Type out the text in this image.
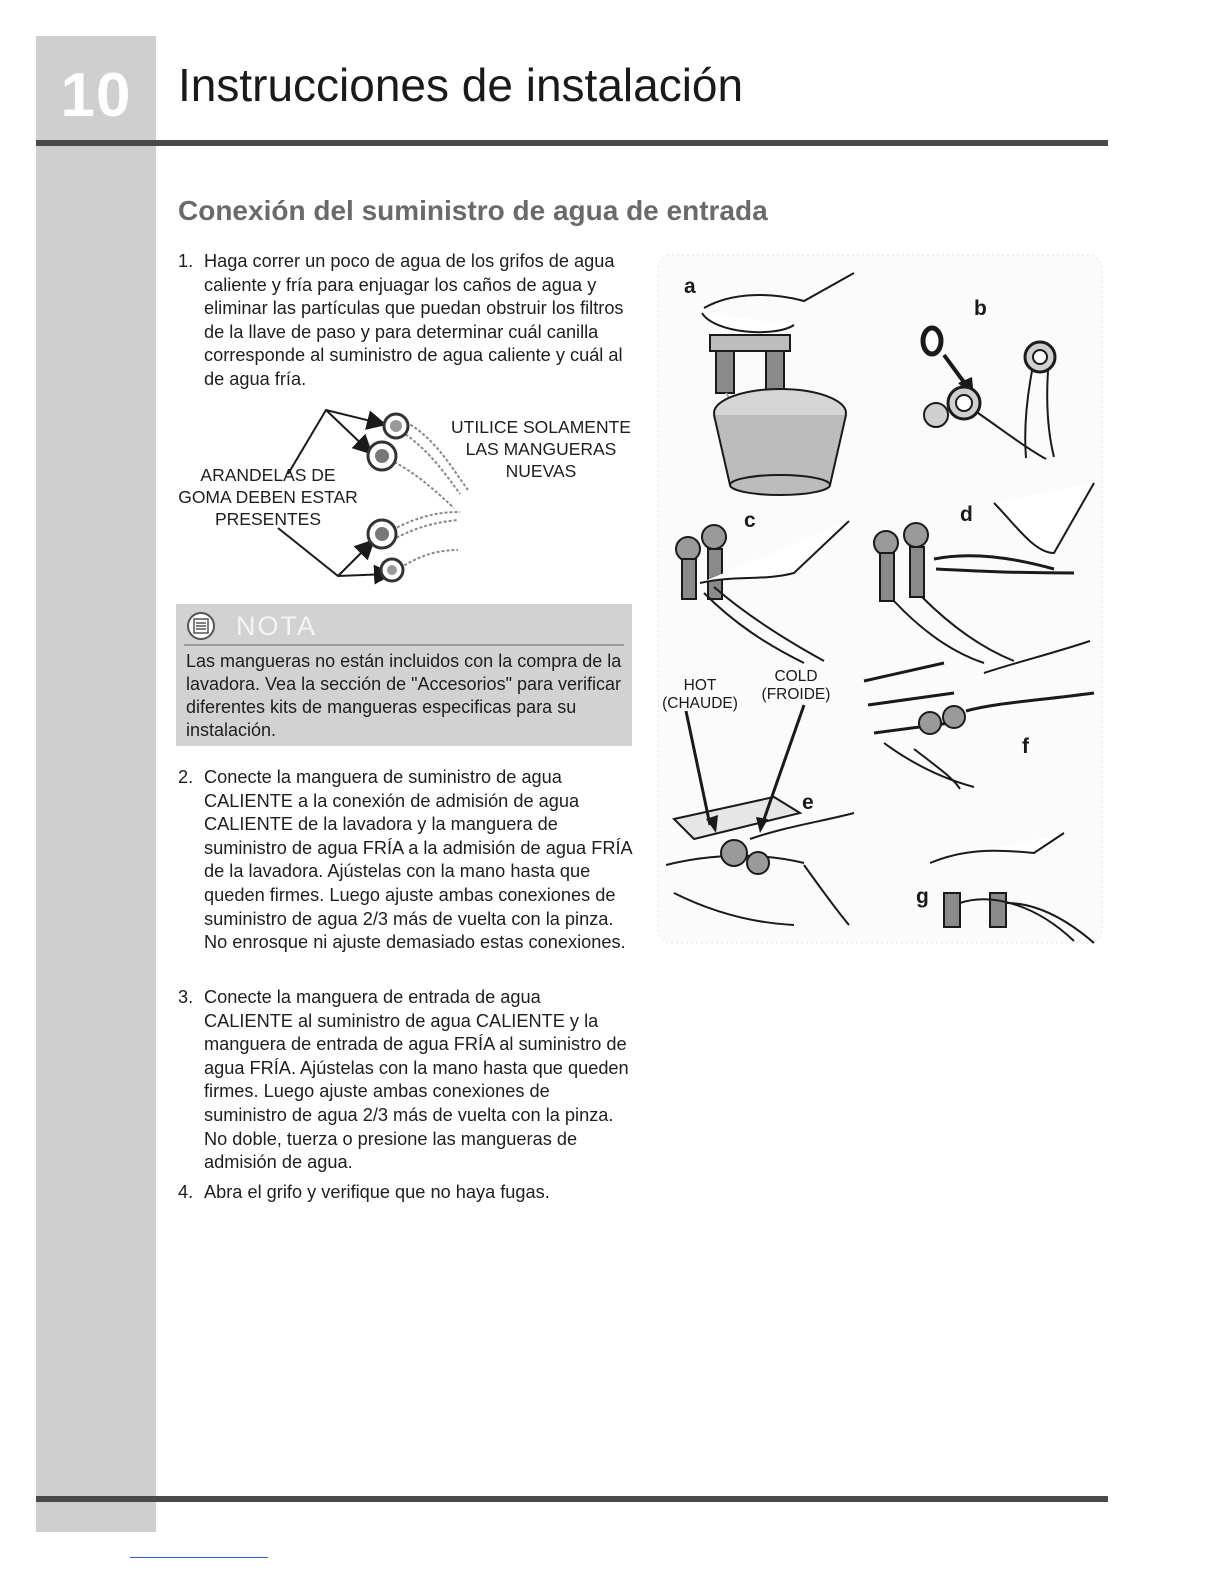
10	Instrucciones de instalación
Conexión del suministro de agua de entrada
1. Haga correr un poco de agua de los grifos de agua caliente y fría para enjuagar los caños de agua y eliminar las partículas que puedan obstruir los filtros de la llave de paso y para determinar cuál canilla corresponde al suministro de agua caliente y cuál al de agua fría.
2. Conecte la manguera de suministro de agua CALIENTE a la conexión de admisión de agua CALIENTE de la lavadora y la manguera de suministro de agua FRÍA a la admisión de agua FRÍA de la lavadora. Ajústelas con la mano hasta que queden firmes. Luego ajuste ambas conexiones de suministro de agua 2/3 más de vuelta con la pinza. No enrosque ni ajuste demasiado estas conexiones.
3. Conecte la manguera de entrada de agua CALIENTE al suministro de agua CALIENTE y la manguera de entrada de agua FRÍA al suministro de agua FRÍA. Ajústelas con la mano hasta que queden firmes. Luego ajuste ambas conexiones de suministro de agua 2/3 más de vuelta con la pinza. No doble, tuerza o presione las mangueras de admisión de agua.
4. Abra el grifo y verifique que no haya fugas.
ARANDELAS DE GOMA DEBEN ESTAR PRESENTES
UTILICE SOLAMENTE LAS MANGUERAS NUEVAS
NOTA

Las mangueras no están incluidos con la compra de la lavadora. Vea la sección de "Accesorios" para verificar diferentes kits de mangueras especificas para su instalación.

a
b
c	d
e
f
g
HOT
(CHAUDE)
COLD
(FROIDE)
